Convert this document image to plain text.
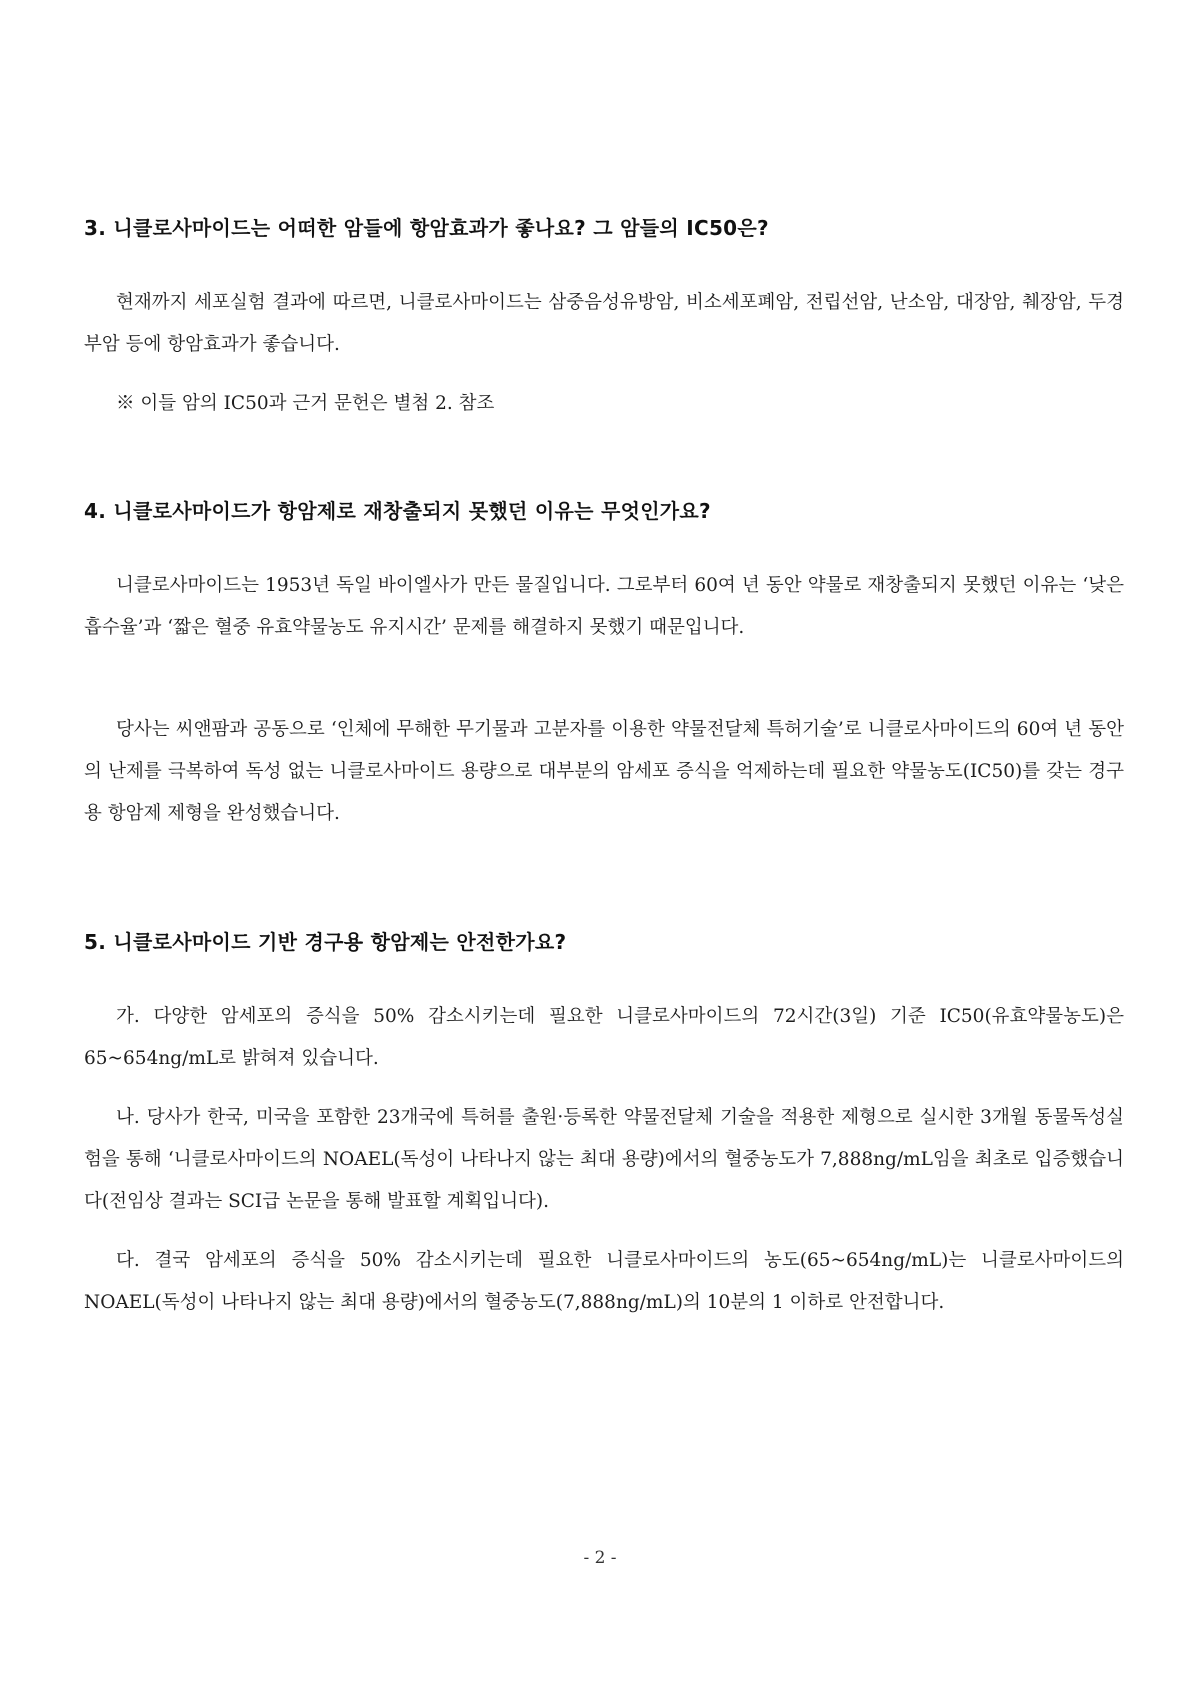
3. 니클로사마이드는 어떠한 암들에 항암효과가 좋나요? 그 암들의 IC50은?
현재까지 세포실험 결과에 따르면, 니클로사마이드는 삼중음성유방암, 비소세포폐암, 전립선암, 난소암, 대장암, 췌장암, 두경부암 등에 항암효과가 좋습니다.
※ 이들 암의 IC50과 근거 문헌은 별첨 2. 참조
4. 니클로사마이드가 항암제로 재창출되지 못했던 이유는 무엇인가요?
니클로사마이드는 1953년 독일 바이엘사가 만든 물질입니다. 그로부터 60여 년 동안 약물로 재창출되지 못했던 이유는 ‘낮은 흡수율’과 ‘짧은 혈중 유효약물농도 유지시간’ 문제를 해결하지 못했기 때문입니다.
당사는 씨앤팜과 공동으로 ‘인체에 무해한 무기물과 고분자를 이용한 약물전달체 특허기술’로 니클로사마이드의 60여 년 동안의 난제를 극복하여 독성 없는 니클로사마이드 용량으로 대부분의 암세포 증식을 억제하는데 필요한 약물농도(IC50)를 갖는 경구용 항암제 제형을 완성했습니다.
5. 니클로사마이드 기반 경구용 항암제는 안전한가요?
가. 다양한 암세포의 증식을 50% 감소시키는데 필요한 니클로사마이드의 72시간(3일) 기준 IC50(유효약물농도)은 65~654ng/mL로 밝혀져 있습니다.
나. 당사가 한국, 미국을 포함한 23개국에 특허를 출원·등록한 약물전달체 기술을 적용한 제형으로 실시한 3개월 동물독성실험을 통해 ‘니클로사마이드의 NOAEL(독성이 나타나지 않는 최대 용량)에서의 혈중농도가 7,888ng/mL임을 최초로 입증했습니다(전임상 결과는 SCI급 논문을 통해 발표할 계획입니다).
다. 결국 암세포의 증식을 50% 감소시키는데 필요한 니클로사마이드의 농도(65~654ng/mL)는 니클로사마이드의 NOAEL(독성이 나타나지 않는 최대 용량)에서의 혈중농도(7,888ng/mL)의 10분의 1 이하로 안전합니다.
- 2 -
